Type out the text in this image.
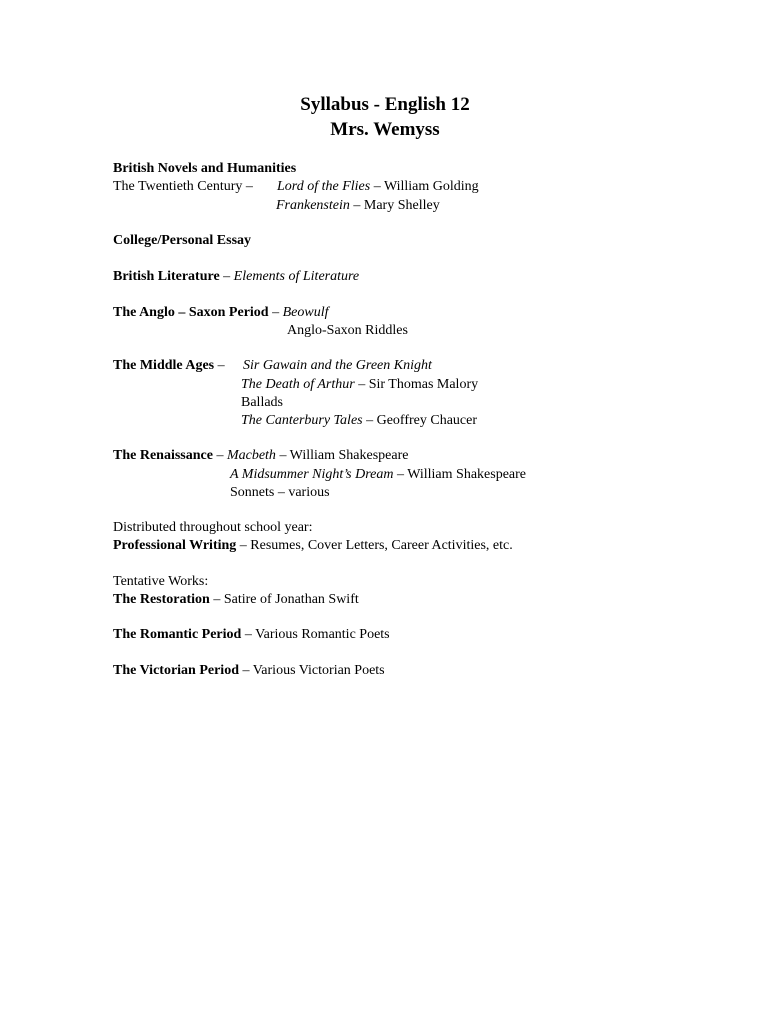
Syllabus - English 12
Mrs. Wemyss
British Novels and Humanities
The Twentieth Century – Lord of the Flies – William Golding
Frankenstein – Mary Shelley
College/Personal Essay
British Literature – Elements of Literature
The Anglo – Saxon Period – Beowulf
Anglo-Saxon Riddles
The Middle Ages – Sir Gawain and the Green Knight
The Death of Arthur – Sir Thomas Malory
Ballads
The Canterbury Tales – Geoffrey Chaucer
The Renaissance – Macbeth – William Shakespeare
A Midsummer Night’s Dream – William Shakespeare
Sonnets – various
Distributed throughout school year:
Professional Writing – Resumes, Cover Letters, Career Activities, etc.
Tentative Works:
The Restoration – Satire of Jonathan Swift
The Romantic Period – Various Romantic Poets
The Victorian Period – Various Victorian Poets
